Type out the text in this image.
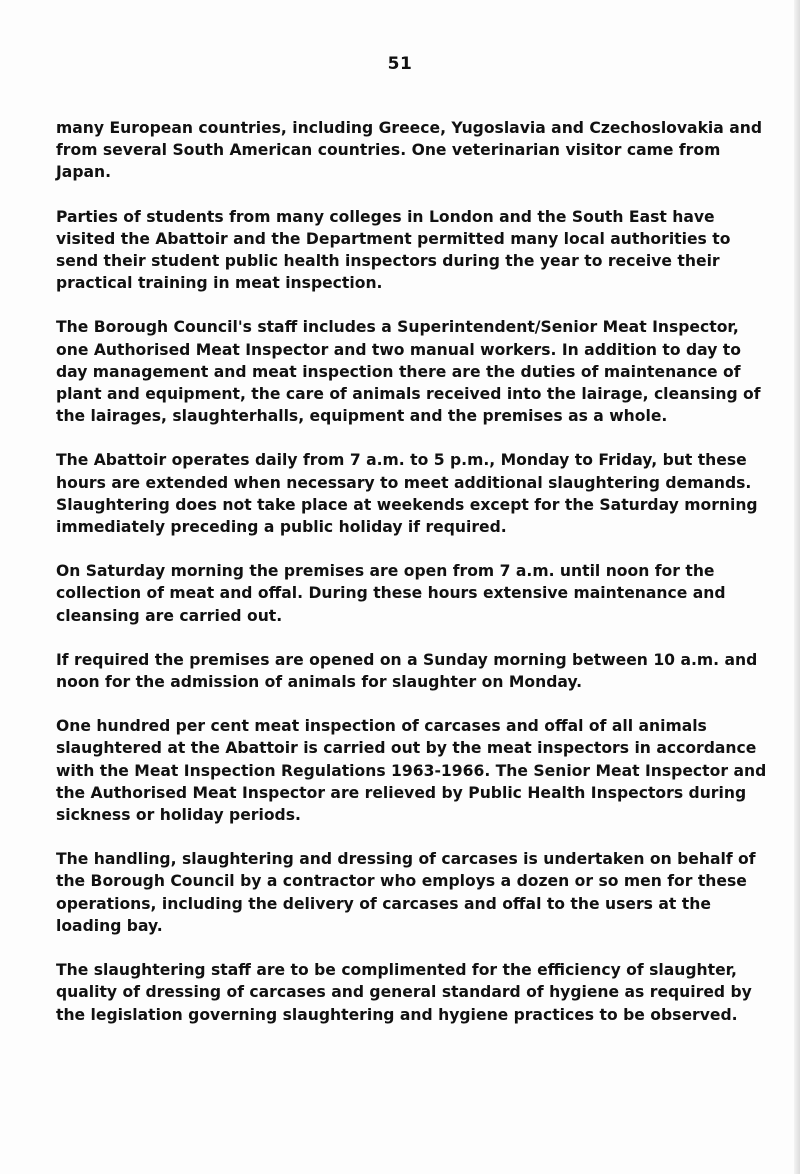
51

many European countries, including Greece, Yugoslavia and Czechoslovakia and from several South American countries. One veterinarian visitor came from Japan.

Parties of students from many colleges in London and the South East have visited the Abattoir and the Department permitted many local authorities to send their student public health inspectors during the year to receive their practical training in meat inspection.

The Borough Council's staff includes a Superintendent/Senior Meat Inspector, one Authorised Meat Inspector and two manual workers. In addition to day to day management and meat inspection there are the duties of maintenance of plant and equipment, the care of animals received into the lairage, cleansing of the lairages, slaughterhalls, equipment and the premises as a whole.

The Abattoir operates daily from 7 a.m. to 5 p.m., Monday to Friday, but these hours are extended when necessary to meet additional slaughtering demands. Slaughtering does not take place at weekends except for the Saturday morning immediately preceding a public holiday if required.

On Saturday morning the premises are open from 7 a.m. until noon for the collection of meat and offal. During these hours extensive maintenance and cleansing are carried out.

If required the premises are opened on a Sunday morning between 10 a.m. and noon for the admission of animals for slaughter on Monday.

One hundred per cent meat inspection of carcases and offal of all animals slaughtered at the Abattoir is carried out by the meat inspectors in accordance with the Meat Inspection Regulations 1963-1966. The Senior Meat Inspector and the Authorised Meat Inspector are relieved by Public Health Inspectors during sickness or holiday periods.

The handling, slaughtering and dressing of carcases is undertaken on behalf of the Borough Council by a contractor who employs a dozen or so men for these operations, including the delivery of carcases and offal to the users at the loading bay.

The slaughtering staff are to be complimented for the efficiency of slaughter, quality of dressing of carcases and general standard of hygiene as required by the legislation governing slaughtering and hygiene practices to be observed.
